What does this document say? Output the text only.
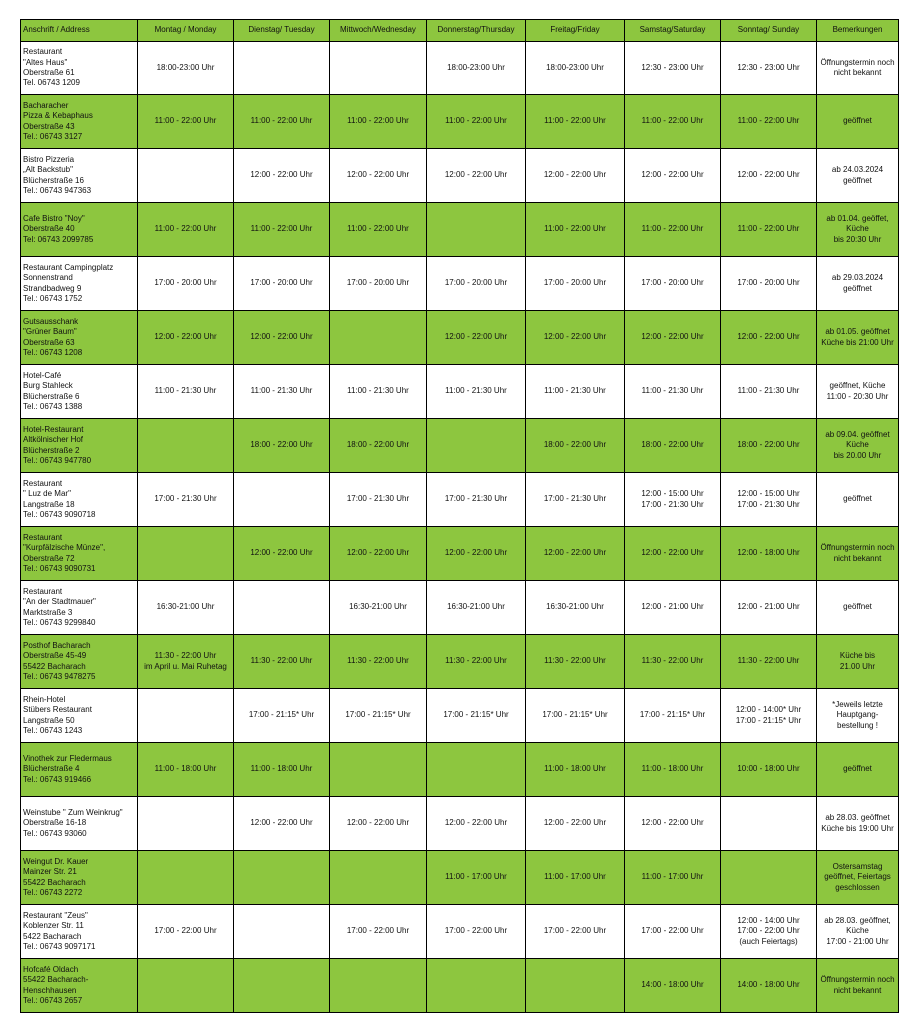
Anschrift / Address	Montag / Monday	Dienstag/ Tuesday	Mittwoch/Wednesday	Donnerstag/Thursday	Freitag/Friday	Samstag/Saturday	Sonntag/ Sunday	Bemerkungen
Restaurant
"Altes Haus"
Oberstraße 61
Tel. 06743 1209	18:00-23:00 Uhr			18:00-23:00 Uhr	18:00-23:00 Uhr	12:30 - 23:00 Uhr	12:30 - 23:00 Uhr	Öffnungstermin noch
nicht bekannt
Bacharacher
Pizza & Kebaphaus
Oberstraße 43
Tel.: 06743 3127	11:00 - 22:00 Uhr	11:00 - 22:00 Uhr	11:00 - 22:00 Uhr	11:00 - 22:00 Uhr	11:00 - 22:00 Uhr	11:00 - 22:00 Uhr	11:00 - 22:00 Uhr	geöffnet
Bistro Pizzeria
„Alt Backstub"
Blücherstraße 16
Tel.: 06743 947363		12:00 - 22:00 Uhr	12:00 - 22:00 Uhr	12:00 - 22:00 Uhr	12:00 - 22:00 Uhr	12:00 - 22:00 Uhr	12:00 - 22:00 Uhr	ab 24.03.2024
geöffnet
Cafe Bistro "Noy"
Oberstraße 40
Tel: 06743 2099785	11:00 - 22:00 Uhr	11:00 - 22:00 Uhr	11:00 - 22:00 Uhr		11:00 - 22:00 Uhr	11:00 - 22:00 Uhr	11:00 - 22:00 Uhr	ab 01.04. geöffet,
Küche
bis 20:30 Uhr
Restaurant Campingplatz
Sonnenstrand
Strandbadweg 9
Tel.: 06743 1752	17:00 - 20:00 Uhr	17:00 - 20:00 Uhr	17:00 - 20:00 Uhr	17:00 - 20:00 Uhr	17:00 - 20:00 Uhr	17:00 - 20:00 Uhr	17:00 - 20:00 Uhr	ab 29.03.2024
geöffnet
Gutsausschank
"Grüner Baum"
Oberstraße 63
Tel.: 06743 1208	12:00 - 22:00 Uhr	12:00 - 22:00 Uhr		12:00 - 22:00 Uhr	12:00 - 22:00 Uhr	12:00 - 22:00 Uhr	12:00 - 22:00 Uhr	ab 01.05. geöffnet
Küche bis 21:00 Uhr
Hotel-Café
Burg Stahleck
Blücherstraße 6
Tel.: 06743 1388	11:00 - 21:30 Uhr	11:00 - 21:30 Uhr	11:00 - 21:30 Uhr	11:00 - 21:30 Uhr	11:00 - 21:30 Uhr	11:00 - 21:30 Uhr	11:00 - 21:30 Uhr	geöffnet, Küche
11:00 - 20:30 Uhr
Hotel-Restaurant
Altkölnischer Hof
Blücherstraße 2
Tel.: 06743 947780		18:00 - 22:00 Uhr	18:00 - 22:00 Uhr		18:00 - 22:00 Uhr	18:00 - 22:00 Uhr	18:00 - 22:00 Uhr	ab 09.04. geöffnet
Küche
bis 20.00 Uhr
Restaurant
" Luz de Mar"
Langstraße 18
Tel.: 06743 9090718	17:00 - 21:30 Uhr		17:00 - 21:30 Uhr	17:00 - 21:30 Uhr	17:00 - 21:30 Uhr	12:00 - 15:00 Uhr
17:00 - 21:30 Uhr	12:00 - 15:00 Uhr
17:00 - 21:30 Uhr	geöffnet
Restaurant
"Kurpfälzische Münze",
Oberstraße 72
Tel.: 06743 9090731		12:00 - 22:00 Uhr	12:00 - 22:00 Uhr	12:00 - 22:00 Uhr	12:00 - 22:00 Uhr	12:00 - 22:00 Uhr	12:00 - 18:00 Uhr	Öffnungstermin noch
nicht bekannt
Restaurant
"An der Stadtmauer"
Marktstraße 3
Tel.: 06743 9299840	16:30-21:00 Uhr		16:30-21:00 Uhr	16:30-21:00 Uhr	16:30-21:00 Uhr	12:00 - 21:00 Uhr	12:00 - 21:00 Uhr	geöffnet
Posthof Bacharach
Oberstraße 45-49
55422 Bacharach
Tel.: 06743 9478275	11:30 - 22:00 Uhr
im April u. Mai Ruhetag	11:30 - 22:00 Uhr	11:30 - 22:00 Uhr	11:30 - 22:00 Uhr	11:30 - 22:00 Uhr	11:30 - 22:00 Uhr	11:30 - 22:00 Uhr	Küche bis
21.00 Uhr
Rhein-Hotel
Stübers Restaurant
Langstraße 50
Tel.: 06743 1243		17:00 - 21:15* Uhr	17:00 - 21:15* Uhr	17:00 - 21:15* Uhr	17:00 - 21:15* Uhr	17:00 - 21:15* Uhr	12:00 - 14:00* Uhr
17:00 - 21:15* Uhr	*Jeweils letzte
Hauptgang-
bestellung !
Vinothek zur Fledermaus
Blücherstraße 4
Tel.: 06743 919466	11:00 - 18:00 Uhr	11:00 - 18:00 Uhr			11:00 - 18:00 Uhr	11:00 - 18:00 Uhr	10:00 - 18:00 Uhr	geöffnet
Weinstube " Zum Weinkrug"
Oberstraße 16-18
Tel.: 06743 93060		12:00 - 22:00 Uhr	12:00 - 22:00 Uhr	12:00 - 22:00 Uhr	12:00 - 22:00 Uhr	12:00 - 22:00 Uhr		ab 28.03. geöffnet
Küche bis 19:00 Uhr
Weingut Dr. Kauer
Mainzer Str. 21
55422 Bacharach
Tel.: 06743 2272				11:00 - 17:00 Uhr	11:00 - 17:00 Uhr	11:00 - 17:00 Uhr		Ostersamstag
geöffnet, Feiertags
geschlossen
Restaurant "Zeus"
Koblenzer Str. 11
5422 Bacharach
Tel.: 06743 9097171	17:00 - 22:00 Uhr		17:00 - 22:00 Uhr	17:00 - 22:00 Uhr	17:00 - 22:00 Uhr	17:00 - 22:00 Uhr	12:00 - 14:00 Uhr
17:00 - 22:00 Uhr
(auch Feiertags)	ab 28.03. geöffnet,
Küche
17:00 - 21:00 Uhr
Hofcafé Oldach
55422 Bacharach-
Henschhausen
Tel.: 06743 2657						14:00 - 18:00 Uhr	14:00 - 18:00 Uhr	Öffnungstermin noch
nicht bekannt
